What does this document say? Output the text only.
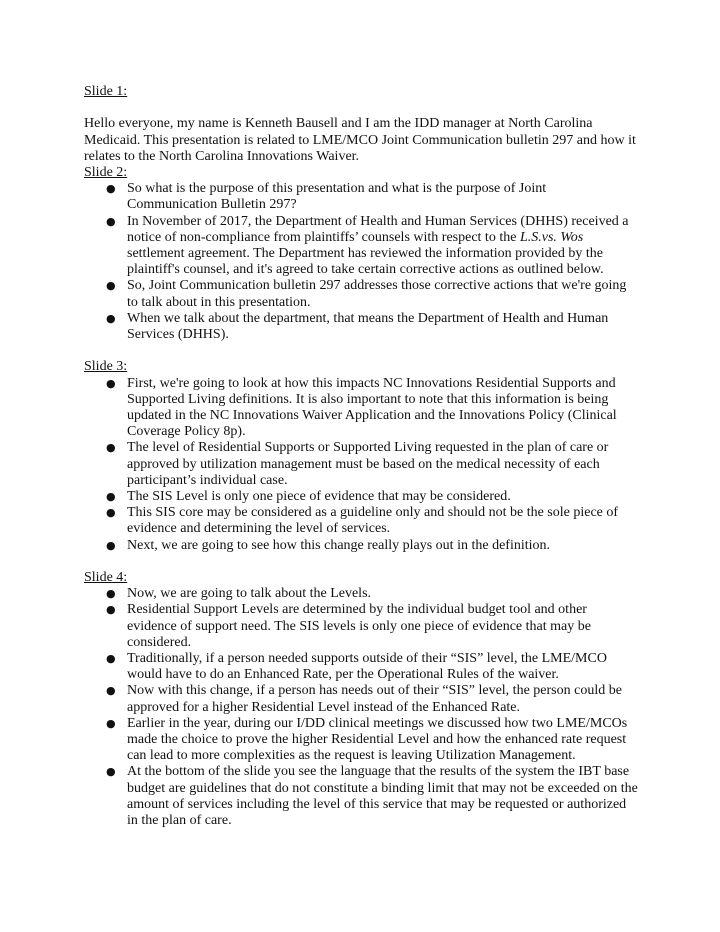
Slide 1:

Hello everyone, my name is Kenneth Bausell and I am the IDD manager at North Carolina Medicaid. This presentation is related to LME/MCO Joint Communication bulletin 297 and how it relates to the North Carolina Innovations Waiver.

Slide 2:

● So what is the purpose of this presentation and what is the purpose of Joint Communication Bulletin 297?
● In November of 2017, the Department of Health and Human Services (DHHS) received a notice of non-compliance from plaintiffs’ counsels with respect to the L.S.vs. Wos settlement agreement. The Department has reviewed the information provided by the plaintiff's counsel, and it's agreed to take certain corrective actions as outlined below.
● So, Joint Communication bulletin 297 addresses those corrective actions that we're going to talk about in this presentation.
● When we talk about the department, that means the Department of Health and Human Services (DHHS).

Slide 3:

● First, we're going to look at how this impacts NC Innovations Residential Supports and Supported Living definitions. It is also important to note that this information is being updated in the NC Innovations Waiver Application and the Innovations Policy (Clinical Coverage Policy 8p).
● The level of Residential Supports or Supported Living requested in the plan of care or approved by utilization management must be based on the medical necessity of each participant’s individual case.
● The SIS Level is only one piece of evidence that may be considered.
● This SIS core may be considered as a guideline only and should not be the sole piece of evidence and determining the level of services.
● Next, we are going to see how this change really plays out in the definition.

Slide 4:

● Now, we are going to talk about the Levels.
● Residential Support Levels are determined by the individual budget tool and other evidence of support need. The SIS levels is only one piece of evidence that may be considered.
● Traditionally, if a person needed supports outside of their “SIS” level, the LME/MCO would have to do an Enhanced Rate, per the Operational Rules of the waiver.
● Now with this change, if a person has needs out of their “SIS” level, the person could be approved for a higher Residential Level instead of the Enhanced Rate.
● Earlier in the year, during our I/DD clinical meetings we discussed how two LME/MCOs made the choice to prove the higher Residential Level and how the enhanced rate request can lead to more complexities as the request is leaving Utilization Management.
● At the bottom of the slide you see the language that the results of the system the IBT base budget are guidelines that do not constitute a binding limit that may not be exceeded on the amount of services including the level of this service that may be requested or authorized in the plan of care.
